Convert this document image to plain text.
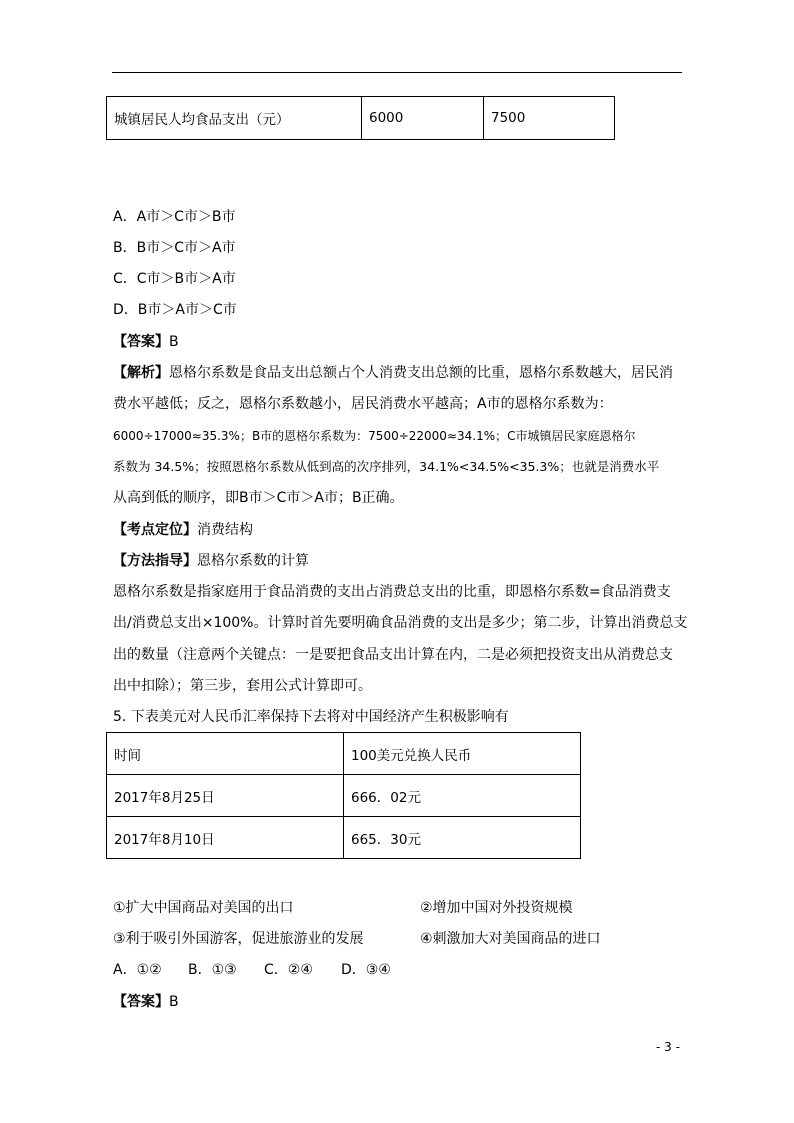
城镇居民人均食品支出（元）	6000	7500
A．A市＞C市＞B市
B．B市＞C市＞A市
C．C市＞B市＞A市
D．B市＞A市＞C市
【答案】B
【解析】恩格尔系数是食品支出总额占个人消费支出总额的比重，恩格尔系数越大，居民消
费水平越低；反之，恩格尔系数越小，居民消费水平越高；A市的恩格尔系数为：
6000÷17000≈35.3%；B市的恩格尔系数为：7500÷22000≈34.1%；C市城镇居民家庭恩格尔
系数为 34.5%；按照恩格尔系数从低到高的次序排列，34.1%<34.5%<35.3%；也就是消费水平
从高到低的顺序，即B市＞C市＞A市；B正确。
【考点定位】消费结构
【方法指导】恩格尔系数的计算
恩格尔系数是指家庭用于食品消费的支出占消费总支出的比重，即恩格尔系数=食品消费支
出/消费总支出×100%。计算时首先要明确食品消费的支出是多少；第二步，计算出消费总支
出的数量（注意两个关键点：一是要把食品支出计算在内，二是必须把投资支出从消费总支
出中扣除）；第三步，套用公式计算即可。
5. 下表美元对人民币汇率保持下去将对中国经济产生积极影响有
时间	100美元兑换人民币
2017年8月25日	666．02元
2017年8月10日	665．30元
①扩大中国商品对美国的出口	②增加中国对外投资规模
③利于吸引外国游客，促进旅游业的发展	④刺激加大对美国商品的进口
A．①② B．①③ C．②④ D．③④
【答案】B
- 3 -
